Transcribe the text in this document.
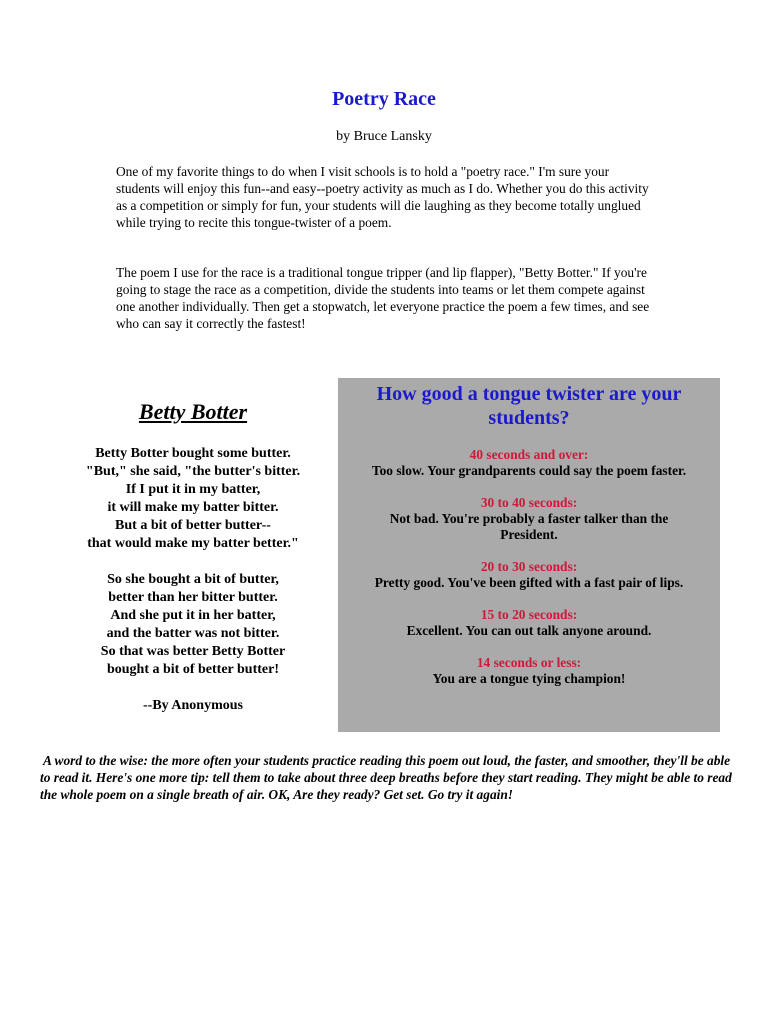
Poetry Race
by Bruce Lansky

One of my favorite things to do when I visit schools is to hold a "poetry race." I'm sure your students will enjoy this fun--and easy--poetry activity as much as I do. Whether you do this activity as a competition or simply for fun, your students will die laughing as they become totally unglued while trying to recite this tongue-twister of a poem.

The poem I use for the race is a traditional tongue tripper (and lip flapper), "Betty Botter." If you're going to stage the race as a competition, divide the students into teams or let them compete against one another individually. Then get a stopwatch, let everyone practice the poem a few times, and see who can say it correctly the fastest!

Betty Botter
Betty Botter bought some butter.
"But," she said, "the butter's bitter.
If I put it in my batter,
it will make my batter bitter.
But a bit of better butter--
that would make my batter better."
So she bought a bit of butter,
better than her bitter butter.
And she put it in her batter,
and the batter was not bitter.
So that was better Betty Botter
bought a bit of better butter!
--By Anonymous
How good a tongue twister are your students?
40 seconds and over:
Too slow. Your grandparents could say the poem faster.
30 to 40 seconds:
Not bad. You're probably a faster talker than the President.
20 to 30 seconds:
Pretty good. You've been gifted with a fast pair of lips.
15 to 20 seconds:
Excellent. You can out talk anyone around.
14 seconds or less:
You are a tongue tying champion!

A word to the wise: the more often your students practice reading this poem out loud, the faster, and smoother, they'll be able to read it. Here's one more tip: tell them to take about three deep breaths before they start reading. They might be able to read the whole poem on a single breath of air. OK, Are they ready? Get set. Go try it again!
